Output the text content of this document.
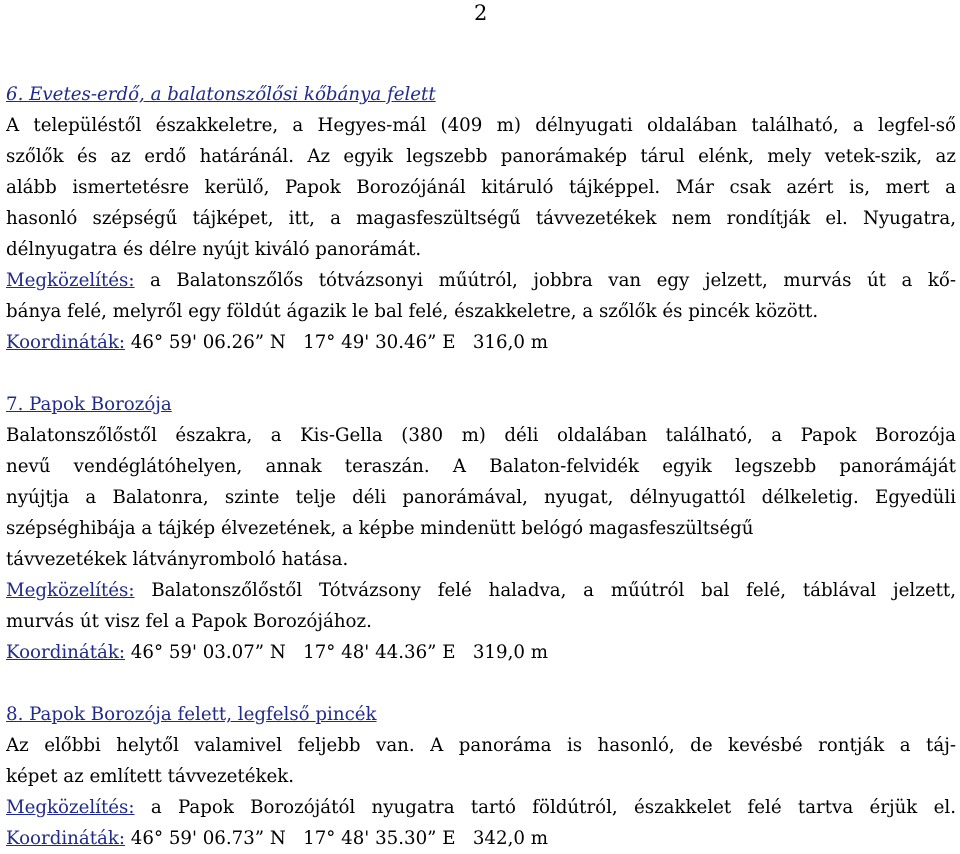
2
6. Evetes-erdő, a balatonszőlősi kőbánya felett
A településtől északkeletre, a Hegyes-mál (409 m) délnyugati oldalában található, a legfel-ső
szőlők és az erdő határánál. Az egyik legszebb panorámakép tárul elénk, mely vetek-szik, az
alább ismertetésre kerülő, Papok Borozójánál kitáruló tájképpel. Már csak azért is, mert a
hasonló szépségű tájképet, itt, a magasfeszültségű távvezetékek nem rondítják el. Nyugatra,
délnyugatra és délre nyújt kiváló panorámát.
Megközelítés: a Balatonszőlős tótvázsonyi műútról, jobbra van egy jelzett, murvás út a kő-
bánya felé, melyről egy földút ágazik le bal felé, északkeletre, a szőlők és pincék között.
Koordináták: 46° 59' 06.26” N   17° 49' 30.46” E   316,0 m
7. Papok Borozója
Balatonszőlőstől északra, a Kis-Gella (380 m) déli oldalában található, a Papok Borozója
nevű vendéglátóhelyen, annak teraszán. A Balaton-felvidék egyik legszebb panorámáját
nyújtja a Balatonra, szinte telje déli panorámával, nyugat, délnyugattól délkeletig. Egyedüli
szépséghibája a tájkép élvezetének, a képbe mindenütt belógó magasfeszültségű
távvezetékek látványromboló hatása.
Megközelítés: Balatonszőlőstől Tótvázsony felé haladva, a műútról bal felé, táblával jelzett,
murvás út visz fel a Papok Borozójához.
Koordináták: 46° 59' 03.07” N   17° 48' 44.36” E   319,0 m
8. Papok Borozója felett, legfelső pincék
Az előbbi helytől valamivel feljebb van. A panoráma is hasonló, de kevésbé rontják a táj-
képet az említett távvezetékek.
Megközelítés: a Papok Borozójától nyugatra tartó földútról, északkelet felé tartva érjük el.
Koordináták: 46° 59' 06.73” N   17° 48' 35.30” E   342,0 m
